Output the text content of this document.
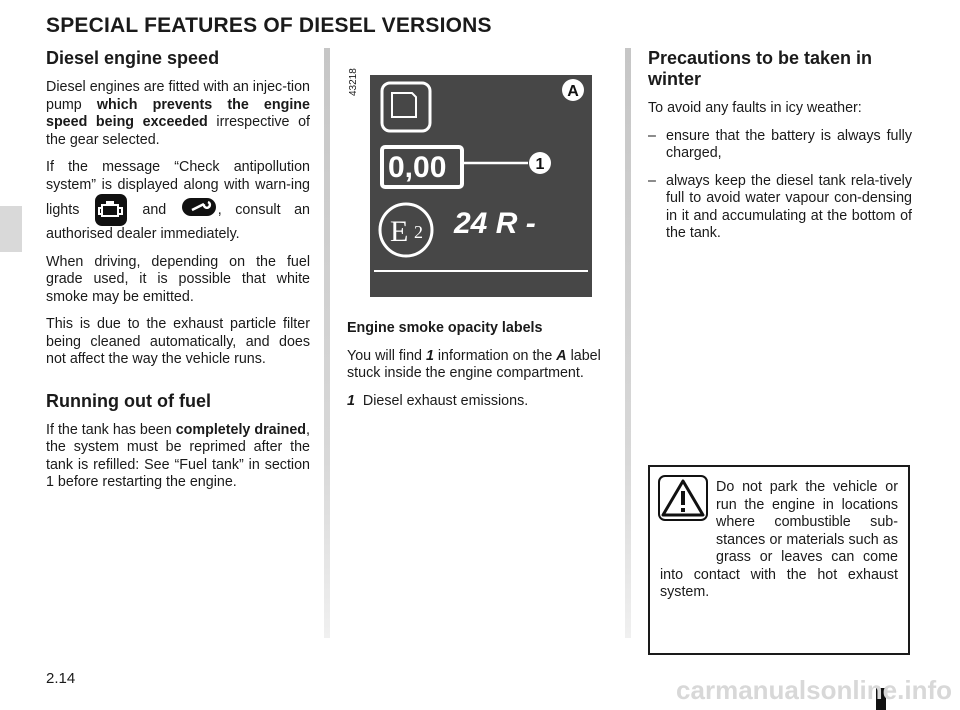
SPECIAL FEATURES OF DIESEL VERSIONS
Diesel engine speed

Diesel engines are fitted with an injec-tion pump which prevents the engine speed being exceeded irrespective of the gear selected.

If the message “Check antipollution system” is displayed along with warn-ing lights	and	, consult an authorised dealer immediately.

When driving, depending on the fuel grade used, it is possible that white smoke may be emitted.

This is due to the exhaust particle filter being cleaned automatically, and does not affect the way the vehicle runs.

Running out of fuel

If the tank has been completely drained, the system must be reprimed after the tank is refilled: See “Fuel tank” in section 1 before restarting the engine.

43218
0,00	1
A
E 2 24 R -

Engine smoke opacity labels

You will find 1 information on the A label stuck inside the engine compartment.

1 Diesel exhaust emissions.

Precautions to be taken in winter

To avoid any faults in icy weather:

– ensure that the battery is always fully charged,
– always keep the diesel tank rela-tively full to avoid water vapour con-densing in it and accumulating at the bottom of the tank.
Do not park the vehicle or run the engine in locations where combustible sub-stances or materials such as grass or leaves can come into contact with the hot exhaust system.
2.14	carmanualsonline.info
